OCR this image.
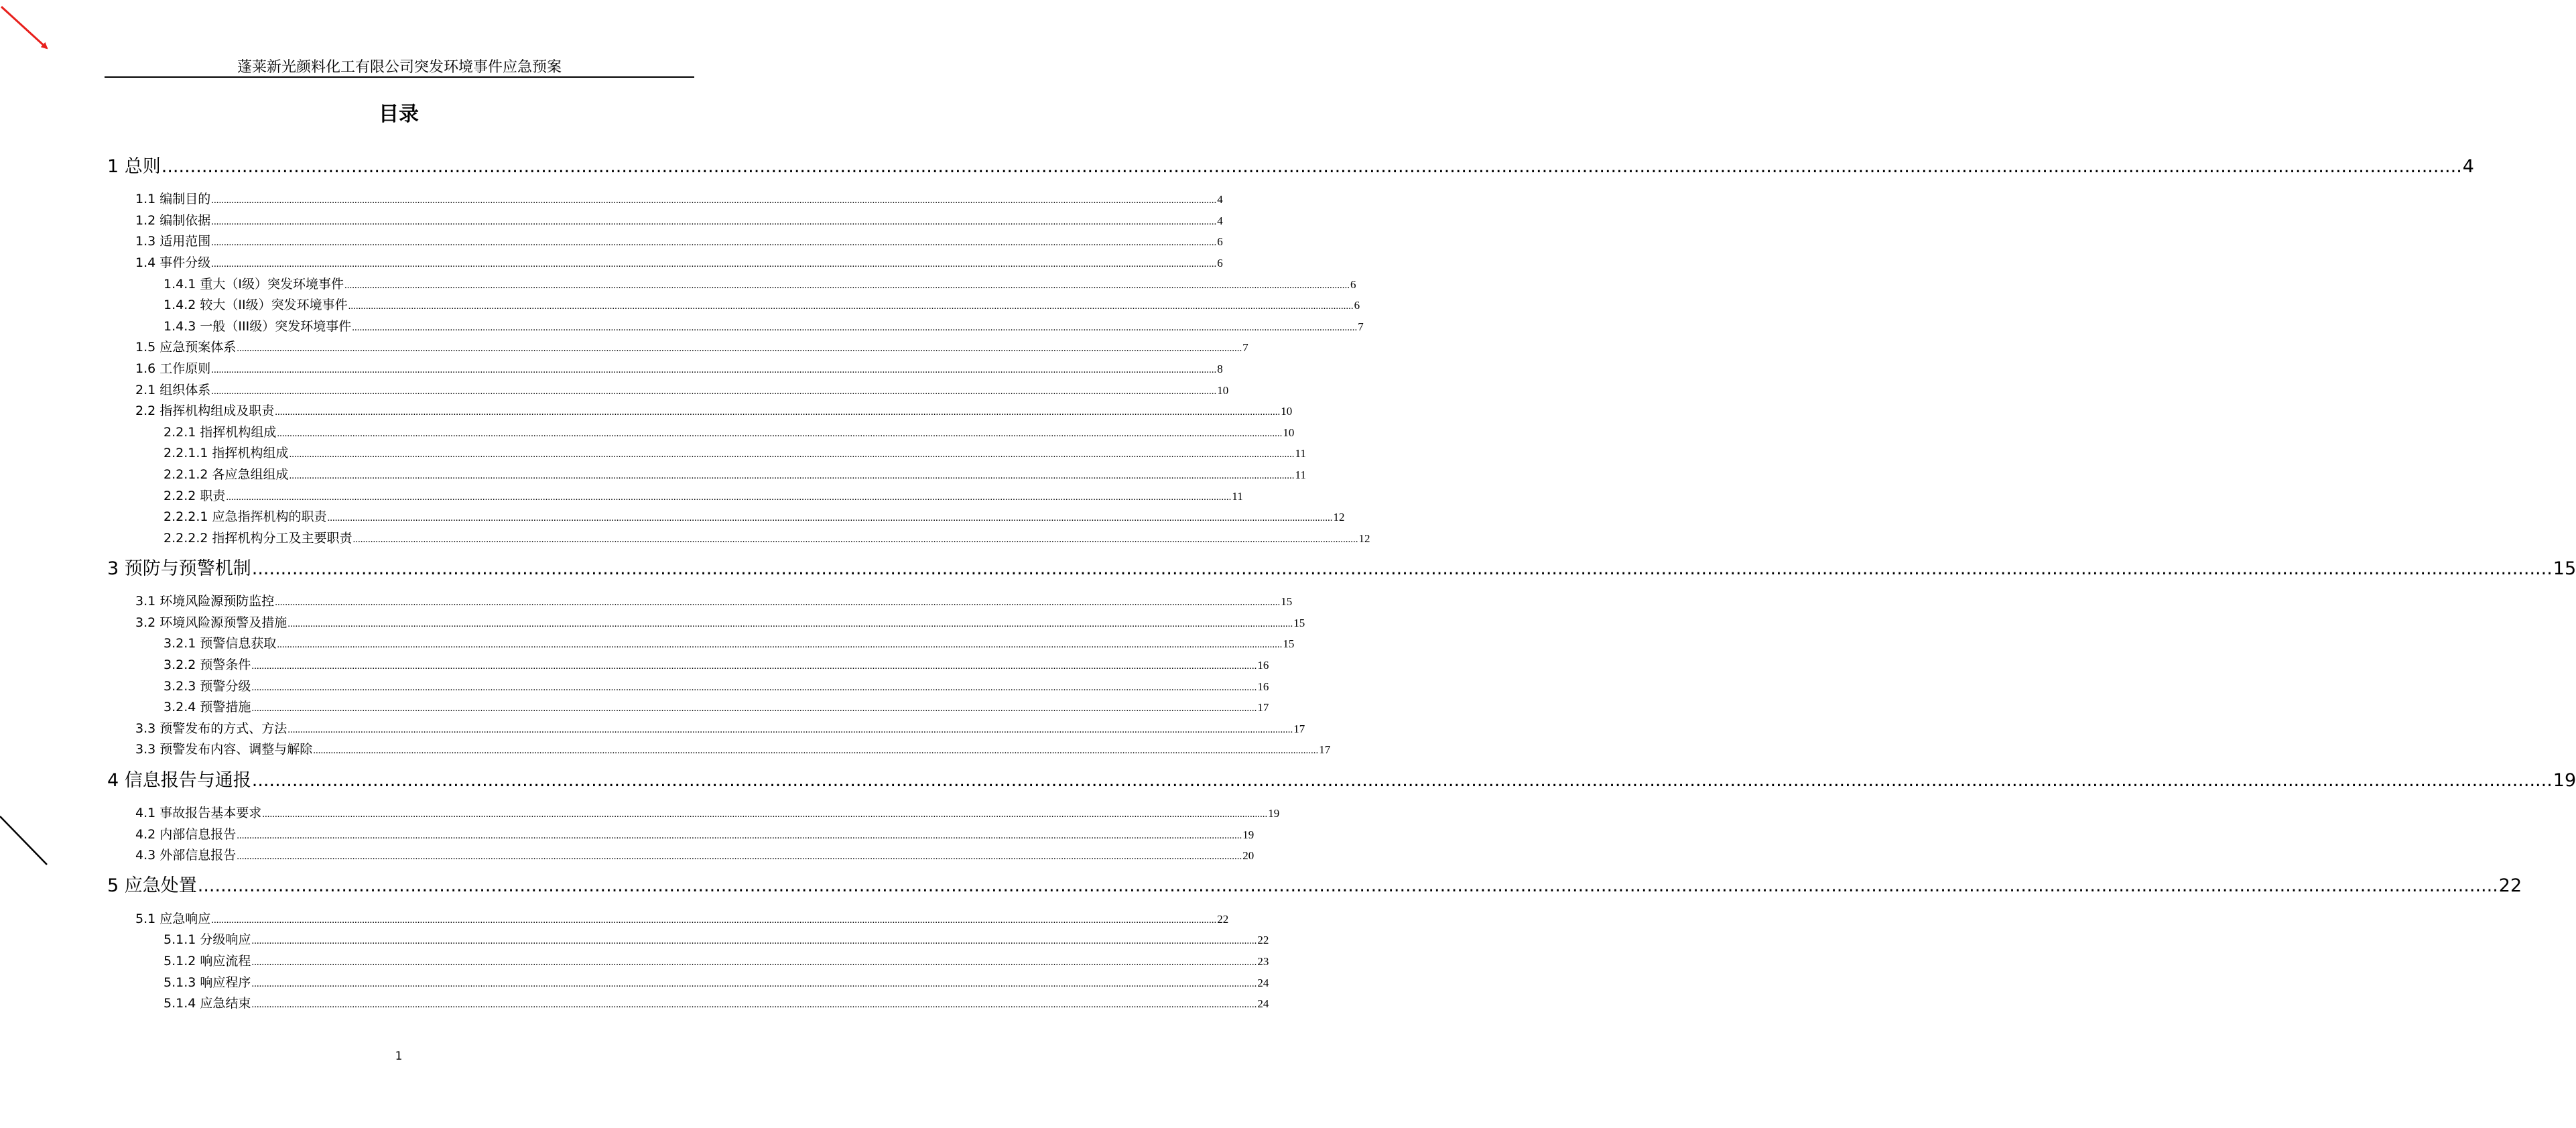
蓬莱新光颜料化工有限公司突发环境事件应急预案
目录
1 总则 ................................................................................................................................................................................................................................................................................................................................................................................................................ 4
1.1 编制目的 ................................................................................................................................................................................................................................................................................................................................................................................................................ 4
1.2 编制依据 ................................................................................................................................................................................................................................................................................................................................................................................................................ 4
1.3 适用范围 ................................................................................................................................................................................................................................................................................................................................................................................................................ 6
1.4 事件分级 ................................................................................................................................................................................................................................................................................................................................................................................................................ 6
1.4.1 重大（I级）突发环境事件 ................................................................................................................................................................................................................................................................................................................................................................................................................ 6
1.4.2 较大（II级）突发环境事件 ................................................................................................................................................................................................................................................................................................................................................................................................................ 6
1.4.3 一般（III级）突发环境事件 ................................................................................................................................................................................................................................................................................................................................................................................................................ 7
1.5 应急预案体系 ................................................................................................................................................................................................................................................................................................................................................................................................................ 7
1.6 工作原则 ................................................................................................................................................................................................................................................................................................................................................................................................................ 8
2.1 组织体系 ................................................................................................................................................................................................................................................................................................................................................................................................................ 10
2.2 指挥机构组成及职责 ................................................................................................................................................................................................................................................................................................................................................................................................................ 10
2.2.1 指挥机构组成 ................................................................................................................................................................................................................................................................................................................................................................................................................ 10
2.2.1.1 指挥机构组成 ................................................................................................................................................................................................................................................................................................................................................................................................................ 11
2.2.1.2 各应急组组成 ................................................................................................................................................................................................................................................................................................................................................................................................................ 11
2.2.2 职责 ................................................................................................................................................................................................................................................................................................................................................................................................................ 11
2.2.2.1 应急指挥机构的职责 ................................................................................................................................................................................................................................................................................................................................................................................................................ 12
2.2.2.2 指挥机构分工及主要职责 ................................................................................................................................................................................................................................................................................................................................................................................................................ 12
3 预防与预警机制 ................................................................................................................................................................................................................................................................................................................................................................................................................ 15
3.1 环境风险源预防监控 ................................................................................................................................................................................................................................................................................................................................................................................................................ 15
3.2 环境风险源预警及措施 ................................................................................................................................................................................................................................................................................................................................................................................................................ 15
3.2.1 预警信息获取 ................................................................................................................................................................................................................................................................................................................................................................................................................ 15
3.2.2 预警条件 ................................................................................................................................................................................................................................................................................................................................................................................................................ 16
3.2.3 预警分级 ................................................................................................................................................................................................................................................................................................................................................................................................................ 16
3.2.4 预警措施 ................................................................................................................................................................................................................................................................................................................................................................................................................ 17
3.3 预警发布的方式、方法 ................................................................................................................................................................................................................................................................................................................................................................................................................ 17
3.3 预警发布内容、调整与解除 ................................................................................................................................................................................................................................................................................................................................................................................................................ 17
4 信息报告与通报 ................................................................................................................................................................................................................................................................................................................................................................................................................ 19
4.1 事故报告基本要求 ................................................................................................................................................................................................................................................................................................................................................................................................................ 19
4.2 内部信息报告 ................................................................................................................................................................................................................................................................................................................................................................................................................ 19
4.3 外部信息报告 ................................................................................................................................................................................................................................................................................................................................................................................................................ 20
5 应急处置 ................................................................................................................................................................................................................................................................................................................................................................................................................ 22
5.1 应急响应 ................................................................................................................................................................................................................................................................................................................................................................................................................ 22
5.1.1 分级响应 ................................................................................................................................................................................................................................................................................................................................................................................................................ 22
5.1.2 响应流程 ................................................................................................................................................................................................................................................................................................................................................................................................................ 23
5.1.3 响应程序 ................................................................................................................................................................................................................................................................................................................................................................................................................ 24
5.1.4 应急结束 ................................................................................................................................................................................................................................................................................................................................................................................................................ 24
1
